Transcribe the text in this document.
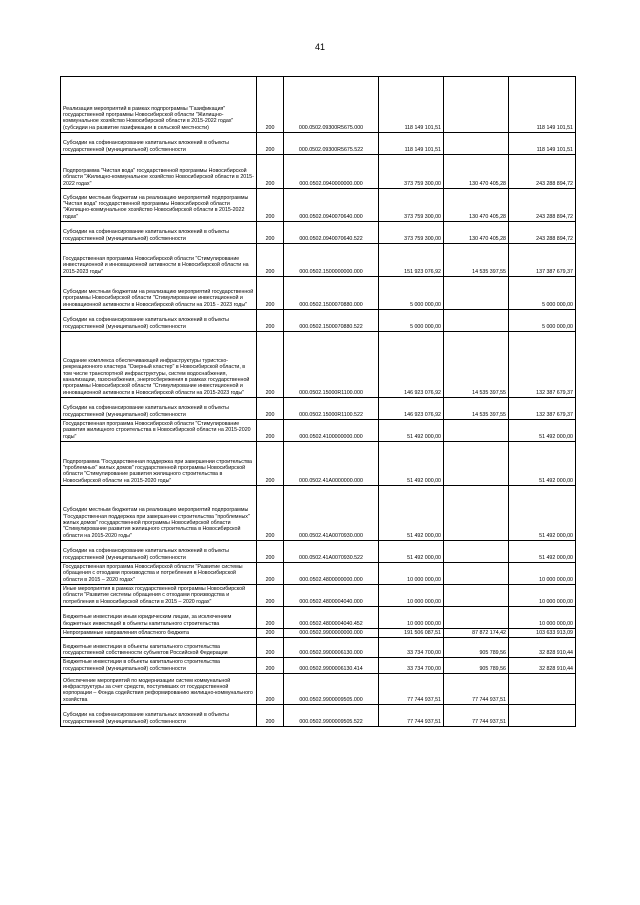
41
Реализация мероприятий в рамках подпрограммы "Газификация" государственной программы Новосибирской области "Жилищно-коммунальное хозяйство Новосибирской области в 2015-2022 годах" (субсидии на развитие газификации в сельской местности)	200	000.0502.09300R5675.000	118 149 101,51		118 149 101,51
Субсидии на софинансирование капитальных вложений в объекты государственной (муниципальной) собственности	200	000.0502.09300R5675.522	118 149 101,51		118 149 101,51
Подпрограмма "Чистая вода" государственной программы Новосибирской области "Жилищно-коммунальное хозяйство Новосибирской области в 2015-2022 годах"	200	000.0502.0940000000.000	373 759 300,00	130 470 405,28	243 288 894,72
Субсидии местным бюджетам на реализацию мероприятий подпрограммы "Чистая вода" государственной программы Новосибирской области "Жилищно-коммунальное хозяйство Новосибирской области в 2015-2022 годах"	200	000.0502.0940070640.000	373 759 300,00	130 470 405,28	243 288 894,72
Субсидии на софинансирование капитальных вложений в объекты государственной (муниципальной) собственности	200	000.0502.0940070640.522	373 759 300,00	130 470 405,28	243 288 894,72
Государственная программа Новосибирской области "Стимулирование инвестиционной и инновационной активности в Новосибирской области на 2015-2023 годы"	200	000.0502.1500000000.000	151 923 076,92	14 535 397,55	137 387 679,37
Субсидии местным бюджетам на реализацию мероприятий государственной программы Новосибирской области "Стимулирование инвестиционной и инновационной активности в Новосибирской области на 2015 - 2023 годы"	200	000.0502.1500070880.000	5 000 000,00		5 000 000,00
Субсидии на софинансирование капитальных вложений в объекты государственной (муниципальной) собственности	200	000.0502.1500070880.522	5 000 000,00		5 000 000,00
Создание комплекса обеспечивающей инфраструктуры туристско-рекреационного кластера "Озерный кластер" в Новосибирской области, в том числе транспортной инфраструктуры, систем водоснабжения, канализации, газоснабжения, энергосбережения в рамках государственной программы Новосибирской области "Стимулирование инвестиционной и инновационной активности в Новосибирской области на 2015-2023 годы"	200	000.0502.15000R1100.000	146 923 076,92	14 535 397,55	132 387 679,37
Субсидии на софинансирование капитальных вложений в объекты государственной (муниципальной) собственности	200	000.0502.15000R1100.522	146 923 076,92	14 535 397,55	132 387 679,37
Государственная программа Новосибирской области "Стимулирование развития жилищного строительства в Новосибирской области на 2015-2020 годы"	200	000.0502.4100000000.000	51 492 000,00		51 492 000,00
Подпрограмма "Государственная поддержка при завершении строительства "проблемных" жилых домов" государственной программы Новосибирской области "Стимулирование развития жилищного строительства в Новосибирской области на 2015-2020 годы"	200	000.0502.41А0000000.000	51 492 000,00		51 492 000,00
Субсидии местным бюджетам на реализацию мероприятий подпрограммы "Государственная поддержка при завершении строительства "проблемных" жилых домов" государственной программы Новосибирской области "Стимулирование развития жилищного строительства в Новосибирской области на 2015-2020 годы"	200	000.0502.41А0070930.000	51 492 000,00		51 492 000,00
Субсидии на софинансирование капитальных вложений в объекты государственной (муниципальной) собственности	200	000.0502.41А0070930.522	51 492 000,00		51 492 000,00
Государственная программа Новосибирской области "Развитие системы обращения с отходами производства и потребления в Новосибирской области в 2015 – 2020 годах"	200	000.0502.4800000000.000	10 000 000,00		10 000 000,00
Иные мероприятия в рамках государственной программы Новосибирской области "Развитие системы обращения с отходами производства и потребления в Новосибирской области в 2015 – 2020 годах"	200	000.0502.4800004040.000	10 000 000,00		10 000 000,00
Бюджетные инвестиции иным юридическим лицам, за исключением бюджетных инвестиций в объекты капитального строительства	200	000.0502.4800004040.452	10 000 000,00		10 000 000,00
Непрограммные направления областного бюджета	200	000.0502.9900000000.000	191 506 087,51	87 872 174,42	103 633 913,09
Бюджетные инвестиции в объекты капитального строительства государственной собственности субъектов Российской Федерации	200	000.0502.9900006130.000	33 734 700,00	905 789,56	32 828 910,44
Бюджетные инвестиции в объекты капитального строительства государственной (муниципальной) собственности	200	000.0502.9900006130.414	33 734 700,00	905 789,56	32 828 910,44
Обеспечение мероприятий по модернизации систем коммунальной инфраструктуры за счет средств, поступивших от государственной корпорации – Фонда содействия реформированию жилищно-коммунального хозяйства	200	000.0502.9900009505.000	77 744 937,51	77 744 937,51	
Субсидии на софинансирование капитальных вложений в объекты государственной (муниципальной) собственности	200	000.0502.9900009505.522	77 744 937,51	77 744 937,51	
